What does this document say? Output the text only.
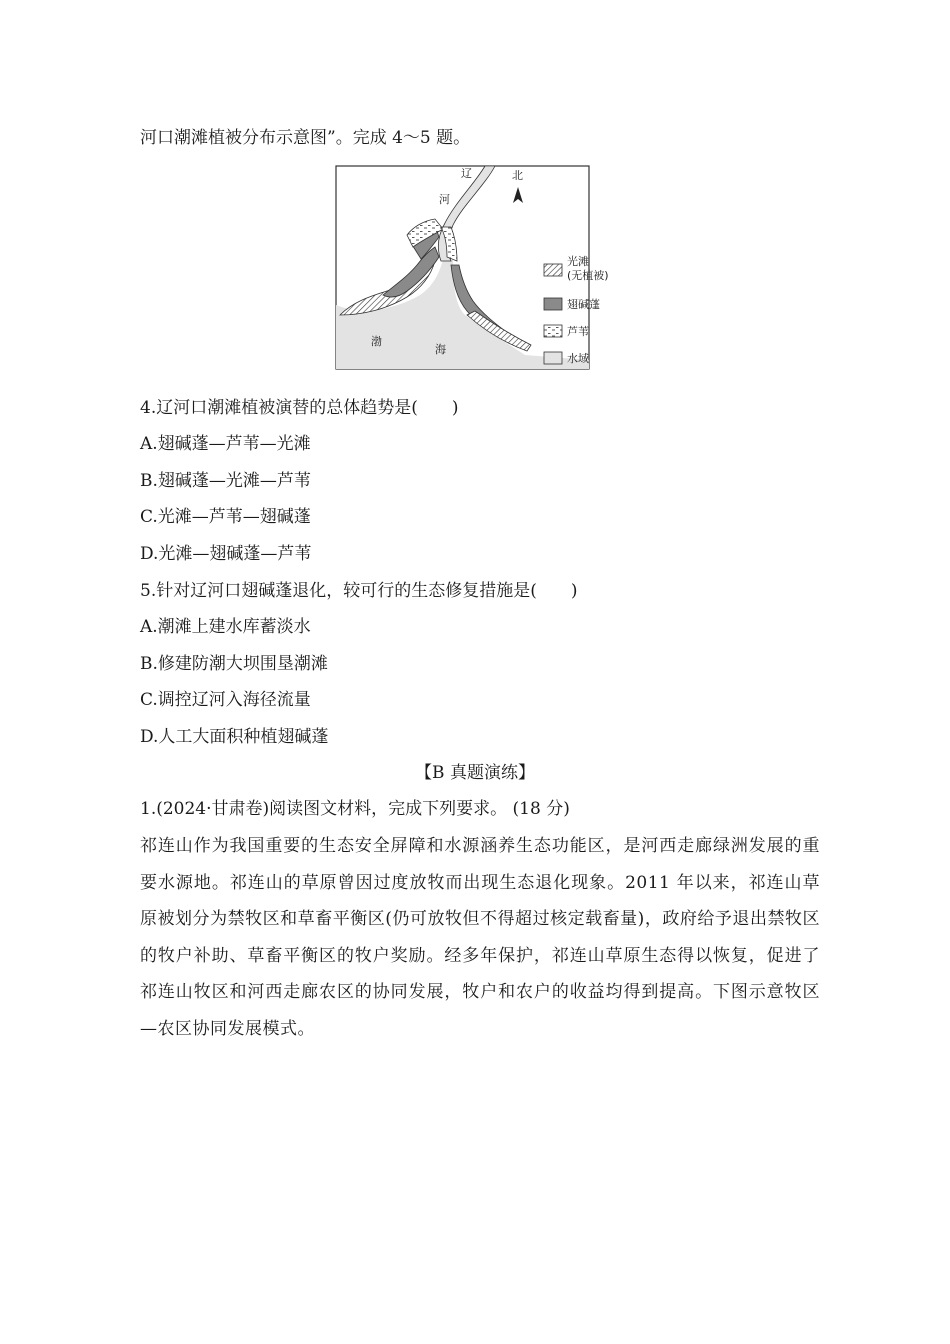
河口潮滩植被分布示意图”。完成 4～5 题。
辽
河
北
渤
海
光滩
(无植被)
翅碱蓬
芦苇
水域
4.辽河口潮滩植被演替的总体趋势是(　　)
A.翅碱蓬—芦苇—光滩
B.翅碱蓬—光滩—芦苇
C.光滩—芦苇—翅碱蓬
D.光滩—翅碱蓬—芦苇
5.针对辽河口翅碱蓬退化，较可行的生态修复措施是(　　)
A.潮滩上建水库蓄淡水
B.修建防潮大坝围垦潮滩
C.调控辽河入海径流量
D.人工大面积种植翅碱蓬
【B 真题演练】
1.(2024·甘肃卷)阅读图文材料，完成下列要求。 (18 分)
祁连山作为我国重要的生态安全屏障和水源涵养生态功能区，是河西走廊绿洲发展的重要水源地。祁连山的草原曾因过度放牧而出现生态退化现象。2011 年以来，祁连山草原被划分为禁牧区和草畜平衡区(仍可放牧但不得超过核定载畜量)，政府给予退出禁牧区的牧户补助、草畜平衡区的牧户奖励。经多年保护，祁连山草原生态得以恢复，促进了祁连山牧区和河西走廊农区的协同发展，牧户和农户的收益均得到提高。下图示意牧区—农区协同发展模式。
